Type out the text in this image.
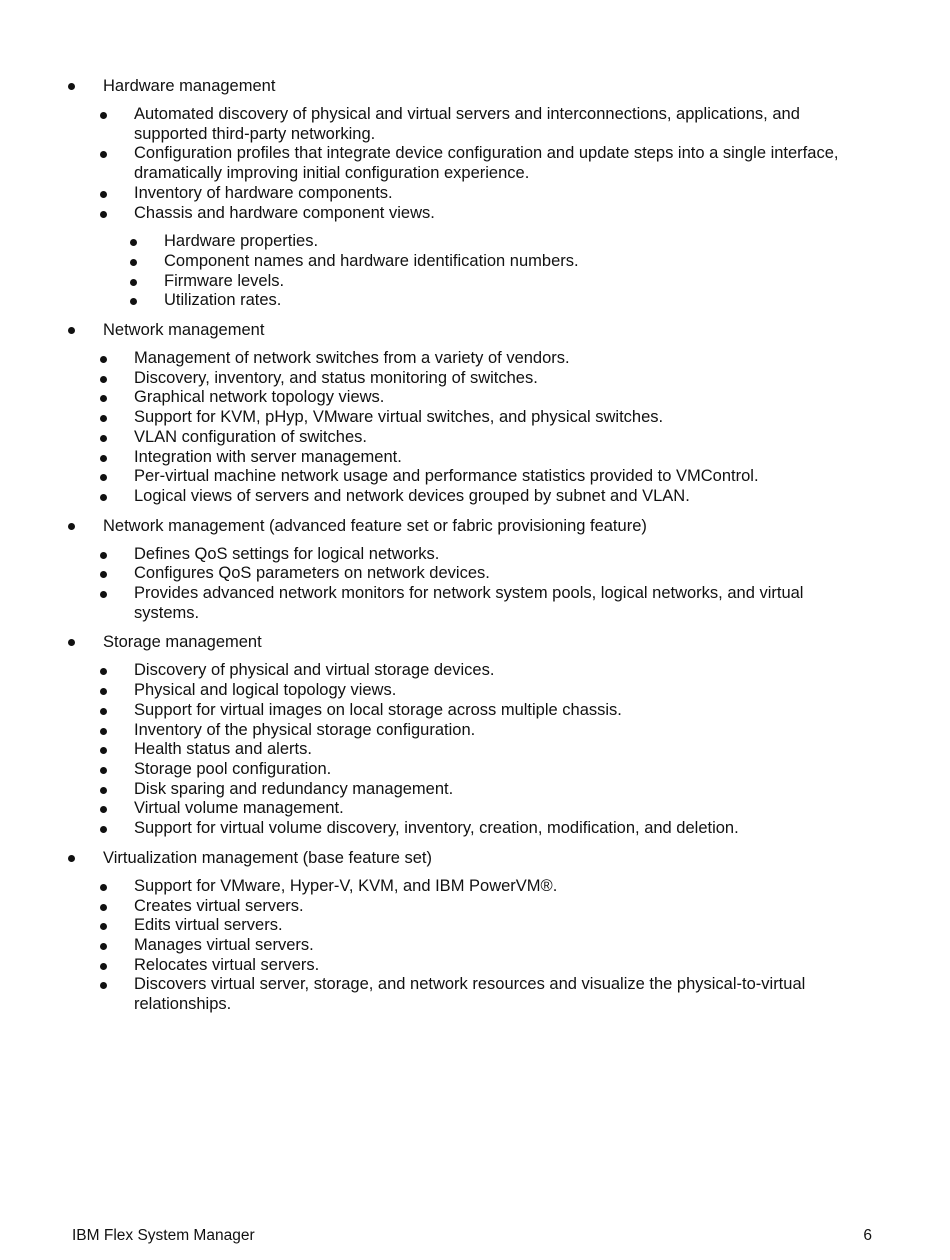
Hardware management
Automated discovery of physical and virtual servers and interconnections, applications, and supported third-party networking.
Configuration profiles that integrate device configuration and update steps into a single interface, dramatically improving initial configuration experience.
Inventory of hardware components.
Chassis and hardware component views.
Hardware properties.
Component names and hardware identification numbers.
Firmware levels.
Utilization rates.
Network management
Management of network switches from a variety of vendors.
Discovery, inventory, and status monitoring of switches.
Graphical network topology views.
Support for KVM, pHyp, VMware virtual switches, and physical switches.
VLAN configuration of switches.
Integration with server management.
Per-virtual machine network usage and performance statistics provided to VMControl.
Logical views of servers and network devices grouped by subnet and VLAN.
Network management (advanced feature set or fabric provisioning feature)
Defines QoS settings for logical networks.
Configures QoS parameters on network devices.
Provides advanced network monitors for network system pools, logical networks, and virtual systems.
Storage management
Discovery of physical and virtual storage devices.
Physical and logical topology views.
Support for virtual images on local storage across multiple chassis.
Inventory of the physical storage configuration.
Health status and alerts.
Storage pool configuration.
Disk sparing and redundancy management.
Virtual volume management.
Support for virtual volume discovery, inventory, creation, modification, and deletion.
Virtualization management (base feature set)
Support for VMware, Hyper-V, KVM, and IBM PowerVM®.
Creates virtual servers.
Edits virtual servers.
Manages virtual servers.
Relocates virtual servers.
Discovers virtual server, storage, and network resources and visualize the physical-to-virtual relationships.
IBM Flex System Manager	6
